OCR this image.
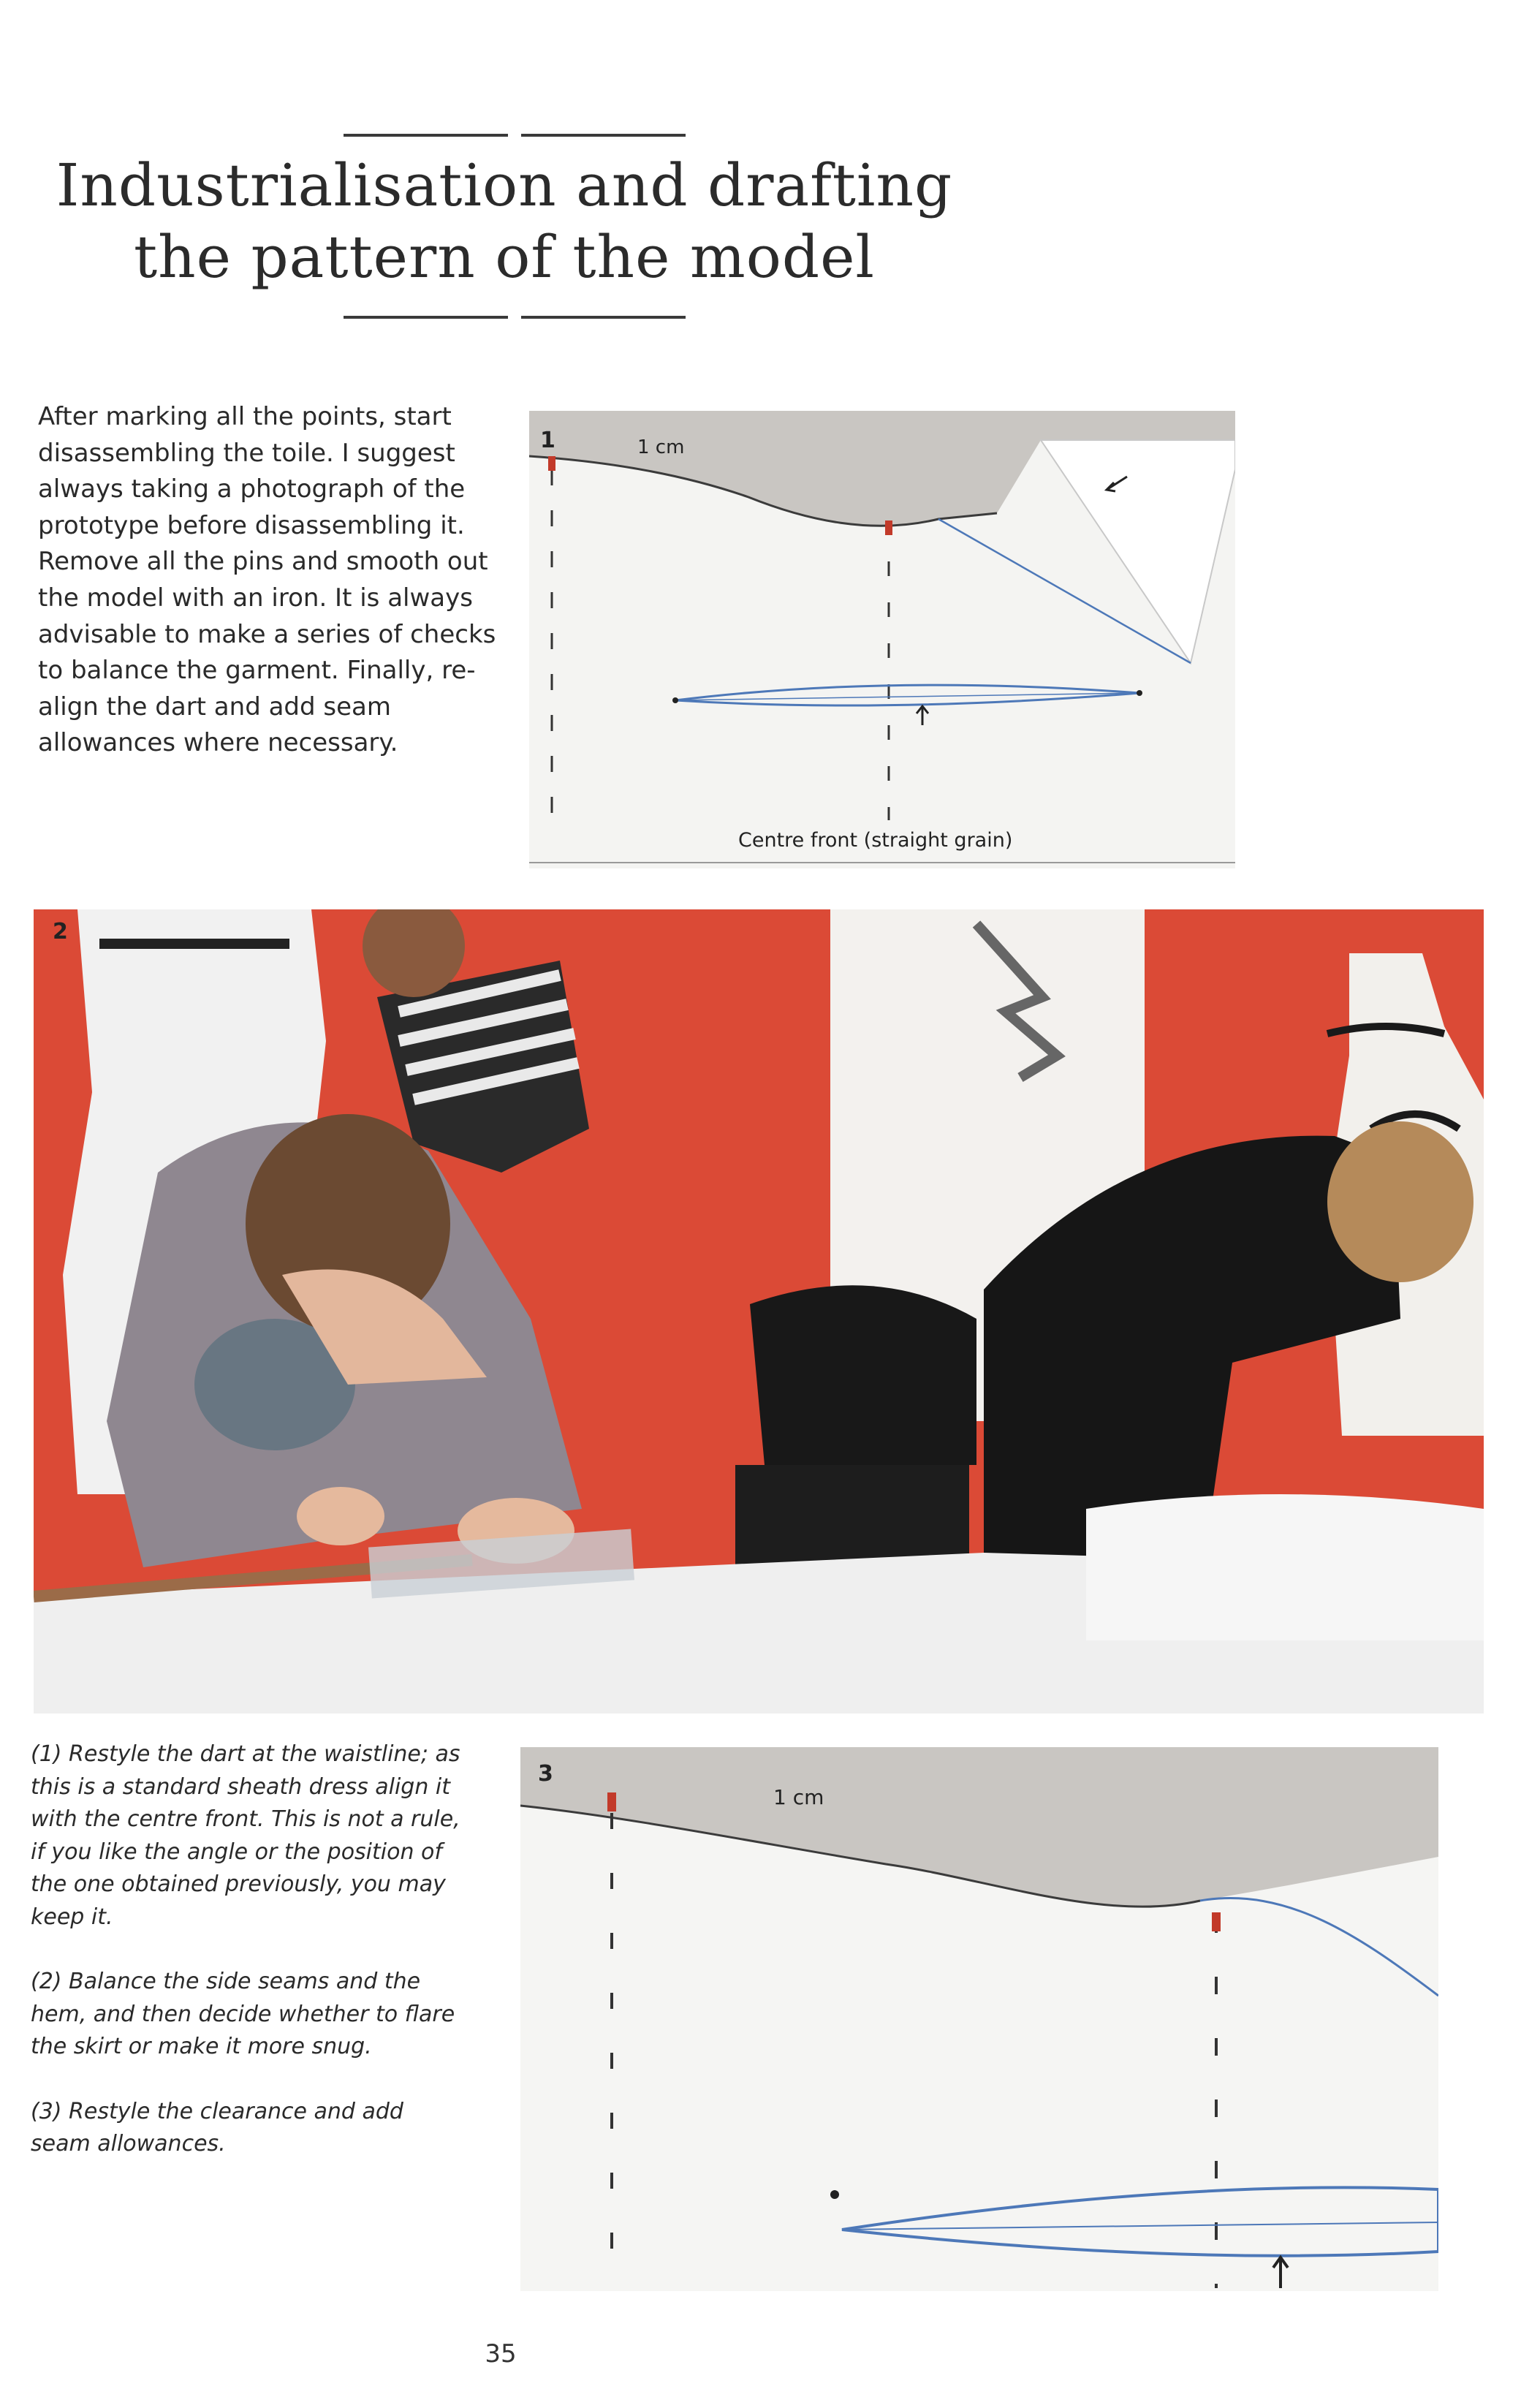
Industrialisation and drafting
the pattern of the model

After marking all the points, start disassembling the toile. I suggest always taking a photograph of the prototype before disassembling it. Remove all the pins and smooth out the model with an iron. It is always advisable to make a series of checks to balance the garment. Finally, re-align the dart and add seam allowances where necessary.

1	1 cm
Centre front (straight grain)
2

(1) Restyle the dart at the waistline; as this is a standard sheath dress align it with the centre front. This is not a rule, if you like the angle or the position of the one obtained previously, you may keep it.

(2) Balance the side seams and the hem, and then decide whether to flare the skirt or make it more snug.

(3) Restyle the clearance and add seam allowances.

3
1 cm
35
